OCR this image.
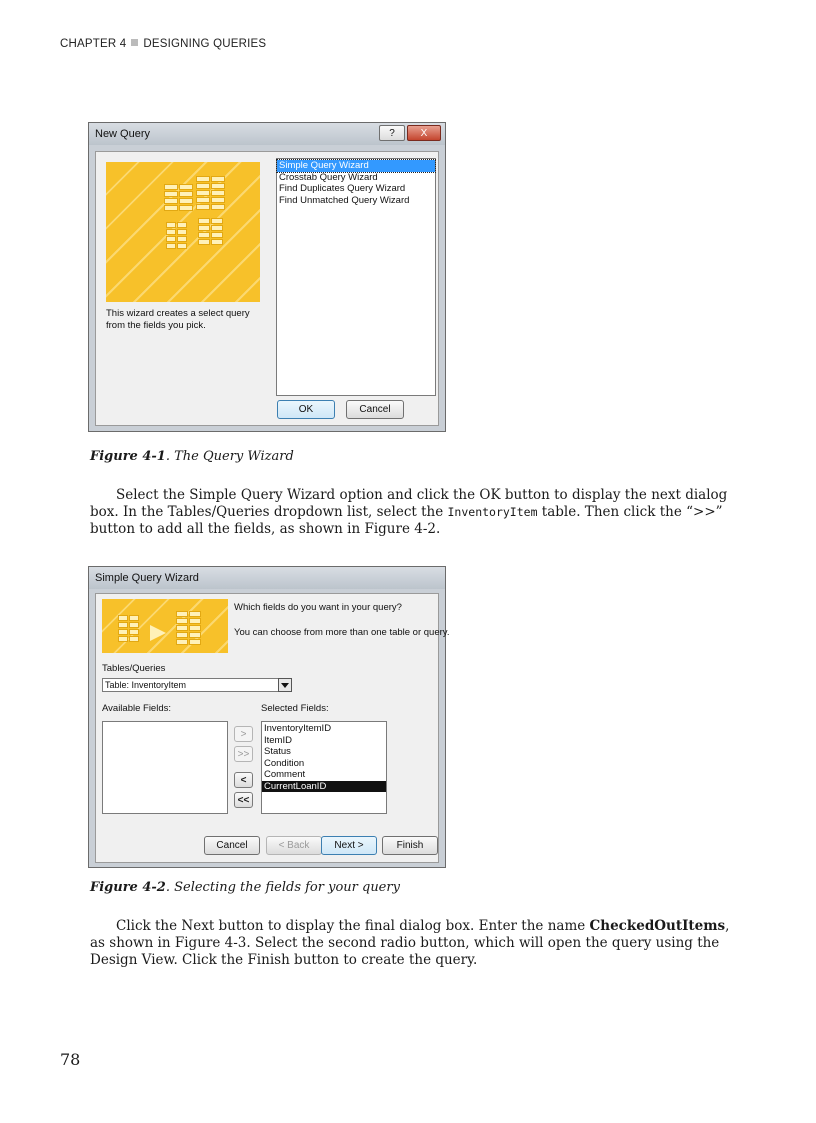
CHAPTER 4 DESIGNING QUERIES
New Query	?	X
This wizard creates a select query
from the fields you pick.
Simple Query Wizard
Crosstab Query Wizard
Find Duplicates Query Wizard
Find Unmatched Query Wizard
OK	Cancel
Figure 4-1. The Query Wizard

Select the Simple Query Wizard option and click the OK button to display the next dialog box. In the Tables/Queries dropdown list, select the InventoryItem table. Then click the “>>” button to add all the fields, as shown in Figure 4-2.

Simple Query Wizard
Which fields do you want in your query?
You can choose from more than one table or query.
Tables/Queries
Table: InventoryItem
Available Fields:	Selected Fields:
>
>>
<
<<
InventoryItemID
ItemID
Status
Condition
Comment
CurrentLoanID
Cancel	< Back	Next >	Finish
Figure 4-2. Selecting the fields for your query

Click the Next button to display the final dialog box. Enter the name CheckedOutItems, as shown in Figure 4-3. Select the second radio button, which will open the query using the Design View. Click the Finish button to create the query.

78
